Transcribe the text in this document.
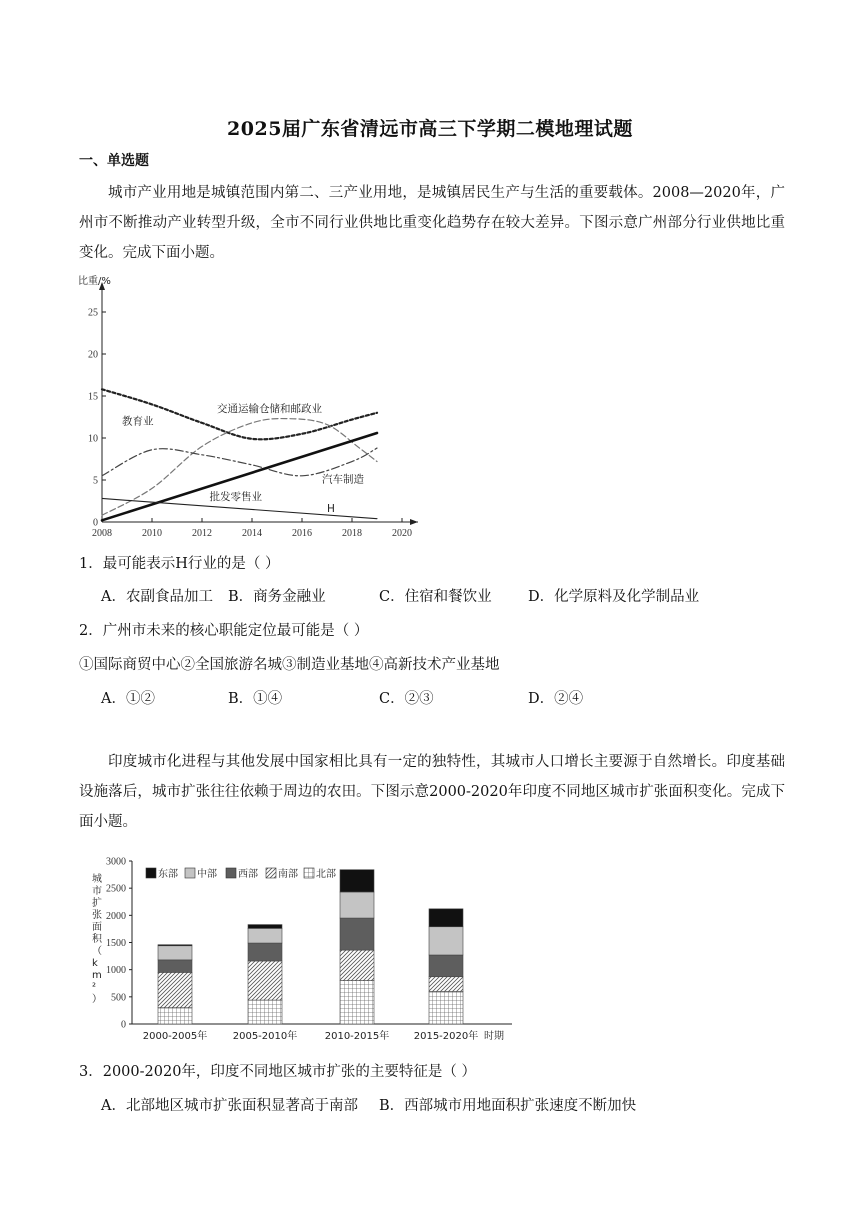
2025届广东省清远市高三下学期二模地理试题
一、单选题
城市产业用地是城镇范围内第二、三产业用地，是城镇居民生产与生活的重要载体。2008—2020年，广州市不断推动产业转型升级，全市不同行业供地比重变化趋势存在较大差异。下图示意广州部分行业供地比重变化。完成下面小题。
比重/%
2008	2010	2012	2014	2016	2018	2020
0
5
10
15
20
25
教育业
交通运输仓储和邮政业
汽车制造
批发零售业
H
1．最可能表示H行业的是（ ）
A．农副食品加工 B．商务金融业	C．住宿和餐饮业	D．化学原料及化学制品业
2．广州市未来的核心职能定位最可能是（ ）
①国际商贸中心②全国旅游名城③制造业基地④高新技术产业基地
A．①②	B．①④	C．②③	D．②④
印度城市化进程与其他发展中国家相比具有一定的独特性，其城市人口增长主要源于自然增长。印度基础设施落后，城市扩张往往依赖于周边的农田。下图示意2000-2020年印度不同地区城市扩张面积变化。完成下面小题。
0
500
1000
1500
2000
2500
3000
城市扩张面积（ k m ² ）
2000-2005年	2005-2010年	2010-2015年 2015-2020年 时期
东部 中部 西部 南部 北部
3．2000-2020年，印度不同地区城市扩张的主要特征是（ ）
A．北部地区城市扩张面积显著高于南部 B．西部城市用地面积扩张速度不断加快
